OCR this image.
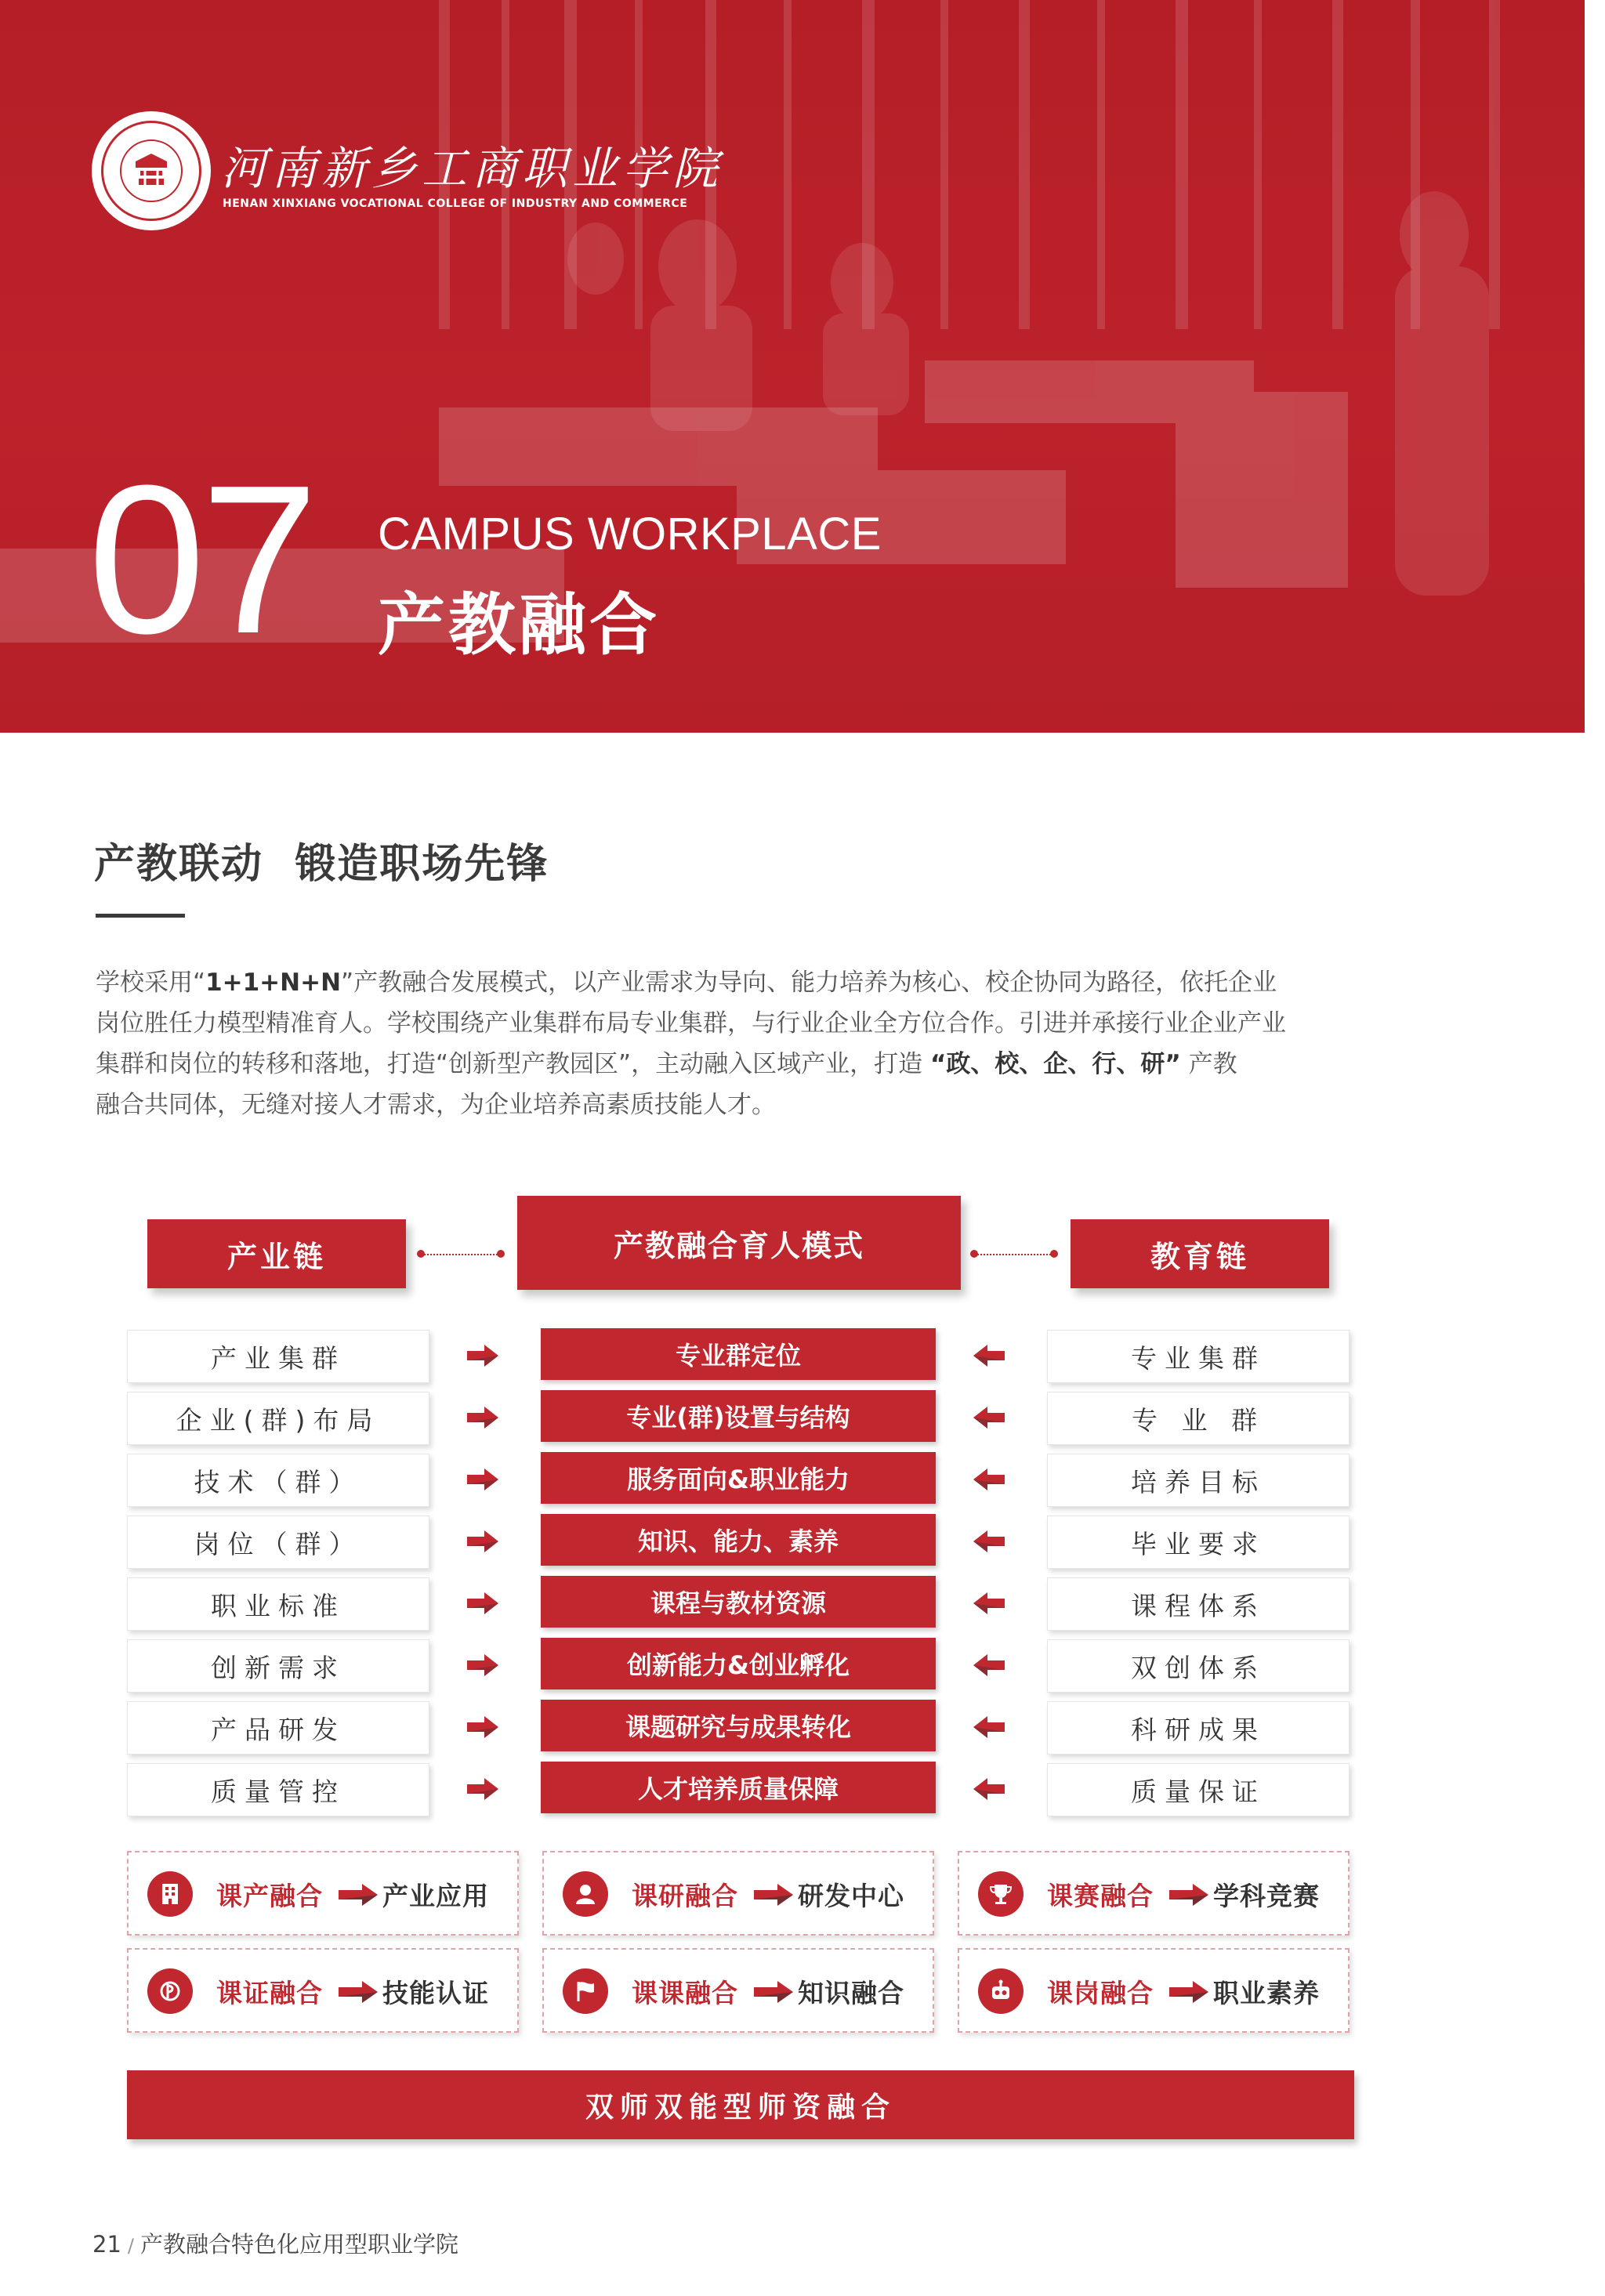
河南新乡工商职业学院
HENAN XINXIANG VOCATIONAL COLLEGE OF INDUSTRY AND COMMERCE
07 CAMPUS WORKPLACE
产教融合
产教联动  锻造职场先锋

学校采用“1+1+N+N”产教融合发展模式，以产业需求为导向、能力培养为核心、校企协同为路径，依托企业
岗位胜任力模型精准育人。学校围绕产业集群布局专业集群，与行业企业全方位合作。引进并承接行业企业产业
集群和岗位的转移和落地，打造“创新型产教园区”，主动融入区域产业，打造 “政、校、企、行、研” 产教
融合共同体，无缝对接人才需求，为企业培养高素质技能人才。

产业链	产教融合育人模式	教育链
产业集群	专业群定位	专业集群
企业(群)布局	专业(群)设置与结构	专 业 群
技术（群）	服务面向&职业能力	培养目标
岗位（群）	知识、能力、素养	毕业要求
职业标准	课程与教材资源	课程体系
创新需求	创新能力&创业孵化	双创体系
产品研发	课题研究与成果转化	科研成果
质量管控	人才培养质量保障	质量保证
课产融合 产业应用	课研融合 研发中心	课赛融合 学科竞赛
课证融合 技能认证	课课融合 知识融合	课岗融合 职业素养
双师双能型师资融合
21 / 产教融合特色化应用型职业学院
